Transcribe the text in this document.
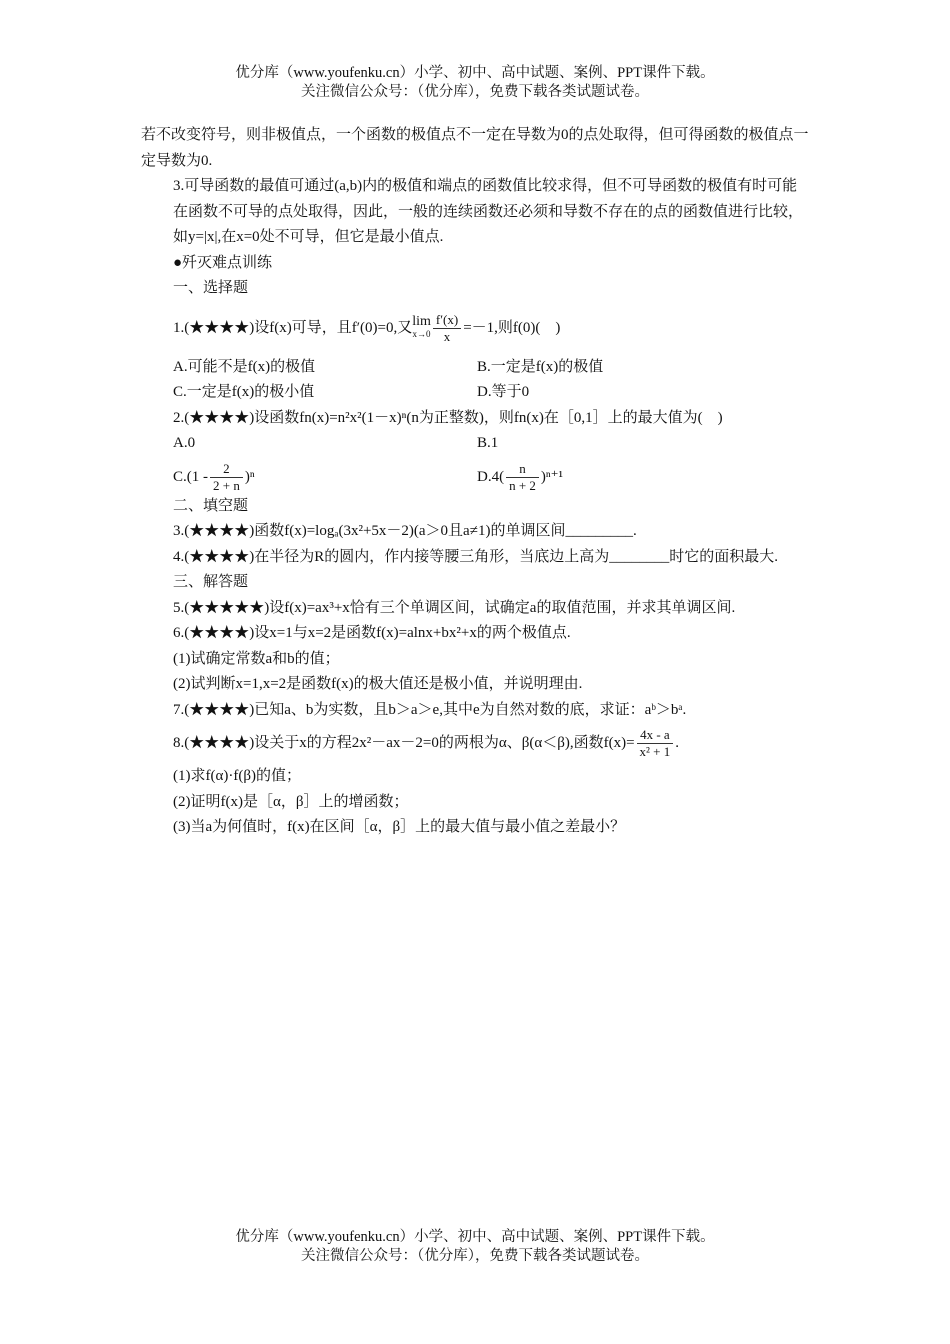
优分库（www.youfenku.cn）小学、初中、高中试题、案例、PPT课件下载。
关注微信公众号：（优分库），免费下载各类试题试卷。

若不改变符号，则非极值点，一个函数的极值点不一定在导数为0的点处取得，但可得函数的极值点一定导数为0.

3.可导函数的最值可通过(a,b)内的极值和端点的函数值比较求得，但不可导函数的极值有时可能在函数不可导的点处取得，因此，一般的连续函数还必须和导数不存在的点的函数值进行比较，如y=|x|,在x=0处不可导，但它是最小值点.

●歼灭难点训练

一、选择题

1.(★★★★)设f(x)可导，且f′(0)=0,又 lim
$x\to 0 \frac{f'(x)}{x} =-1$,则f(0)(　)

A.可能不是f(x)的极值	B.一定是f(x)的极值
C.一定是f(x)的极小值	D.等于0

2.(★★★★)设函数fn(x)=n²x²(1－x)ⁿ(n为正整数)，则fn(x)在［0,1］上的最大值为(　)

A.0	B.1
$C.(1 - \frac{2}{2 + n} )^n$	$D.4( \frac{n}{n + 2} )^{n+1}$

二、填空题

3.(★★★★)函数f(x)=logₐ(3x²+5x－2)(a＞0且a≠1)的单调区间_________.

4.(★★★★)在半径为R的圆内，作内接等腰三角形，当底边上高为________时它的面积最大.

三、解答题

5.(★★★★★)设f(x)=ax³+x恰有三个单调区间，试确定a的取值范围，并求其单调区间.

6.(★★★★)设x=1与x=2是函数f(x)=alnx+bx²+x的两个极值点.

(1)试确定常数a和b的值；

(2)试判断x=1,x=2是函数f(x)的极大值还是极小值，并说明理由.

7.(★★★★)已知a、b为实数，且b＞a＞e,其中e为自然对数的底，求证：aᵇ＞bᵃ.

8.(★★★★)设关于x的方程2x²－ax－2=0的两根为α、β(α＜β),函数$f(x)= \frac{4x - a}{\text{x² + 1}}$ .

(1)求f(α)·f(β)的值；

(2)证明f(x)是［α，β］上的增函数；

(3)当a为何值时，f(x)在区间［α，β］上的最大值与最小值之差最小？

优分库（www.youfenku.cn）小学、初中、高中试题、案例、PPT课件下载。
关注微信公众号：（优分库），免费下载各类试题试卷。
